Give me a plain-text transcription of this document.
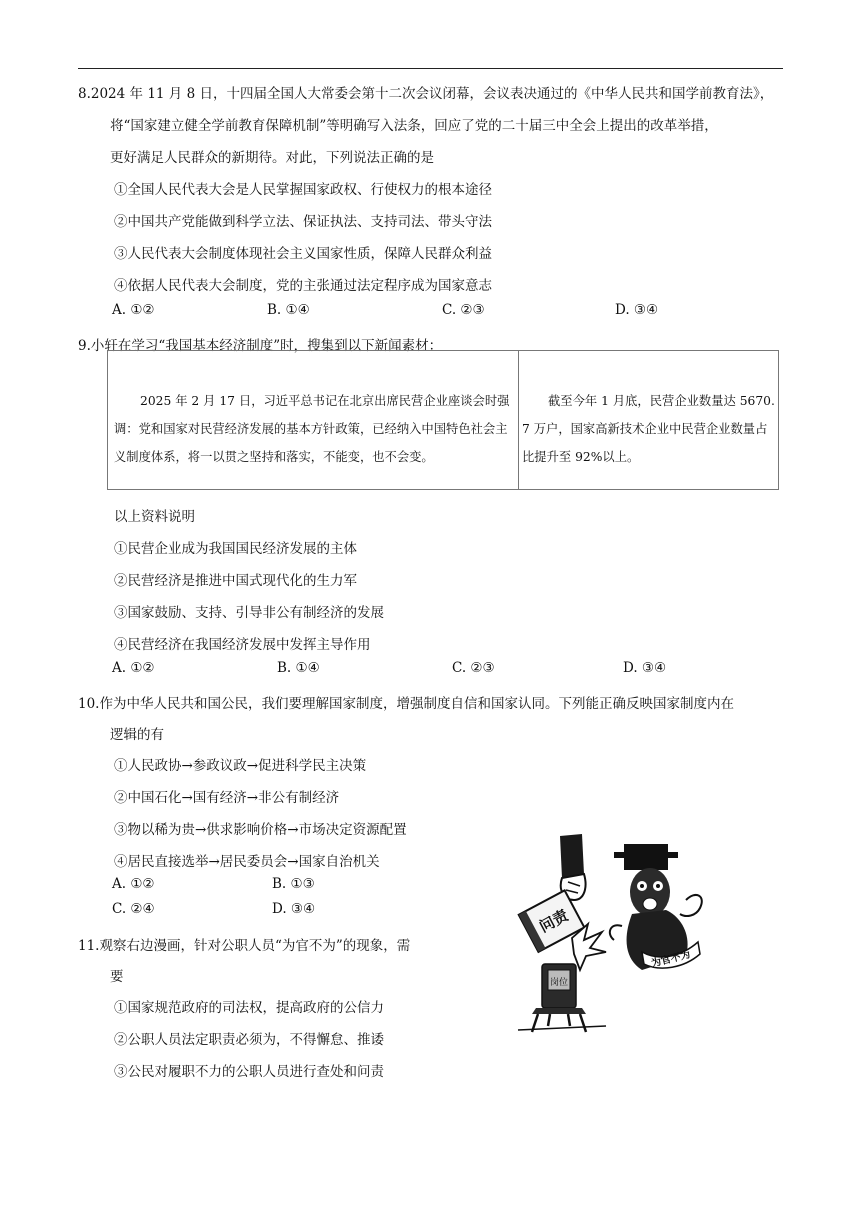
8.2024 年 11 月 8 日，十四届全国人大常委会第十二次会议闭幕，会议表决通过的《中华人民共和国学前教育法》，
将“国家建立健全学前教育保障机制”等明确写入法条，回应了党的二十届三中全会上提出的改革举措，
更好满足人民群众的新期待。对此，下列说法正确的是
①全国人民代表大会是人民掌握国家政权、行使权力的根本途径
②中国共产党能做到科学立法、保证执法、支持司法、带头守法
③人民代表大会制度体现社会主义国家性质，保障人民群众利益
④依据人民代表大会制度，党的主张通过法定程序成为国家意志
A. ①②	B. ①④	C. ②③	D. ③④
9.小轩在学习“我国基本经济制度”时，搜集到以下新闻素材：
2025 年 2 月 17 日，习近平总书记在北京出席民营企业座谈会时强
调：党和国家对民营经济发展的基本方针政策，已经纳入中国特色社会主
义制度体系，将一以贯之坚持和落实，不能变，也不会变。
截至今年 1 月底，民营企业数量达 5670.
7 万户，国家高新技术企业中民营企业数量占
比提升至 92%以上。
以上资料说明
①民营企业成为我国国民经济发展的主体
②民营经济是推进中国式现代化的生力军
③国家鼓励、支持、引导非公有制经济的发展
④民营经济在我国经济发展中发挥主导作用
A. ①②	B. ①④	C. ②③	D. ③④
10.作为中华人民共和国公民，我们要理解国家制度，增强制度自信和国家认同。下列能正确反映国家制度内在
逻辑的有
①人民政协→参政议政→促进科学民主决策
②中国石化→国有经济→非公有制经济
③物以稀为贵→供求影响价格→市场决定资源配置
④居民直接选举→居民委员会→国家自治机关
A. ①②	B. ①③
C. ②④	D. ③④
11.观察右边漫画，针对公职人员“为官不为”的现象，需
要
①国家规范政府的司法权，提高政府的公信力
②公职人员法定职责必须为，不得懈怠、推诿
③公民对履职不力的公职人员进行查处和问责
问责
为官不为
岗位
